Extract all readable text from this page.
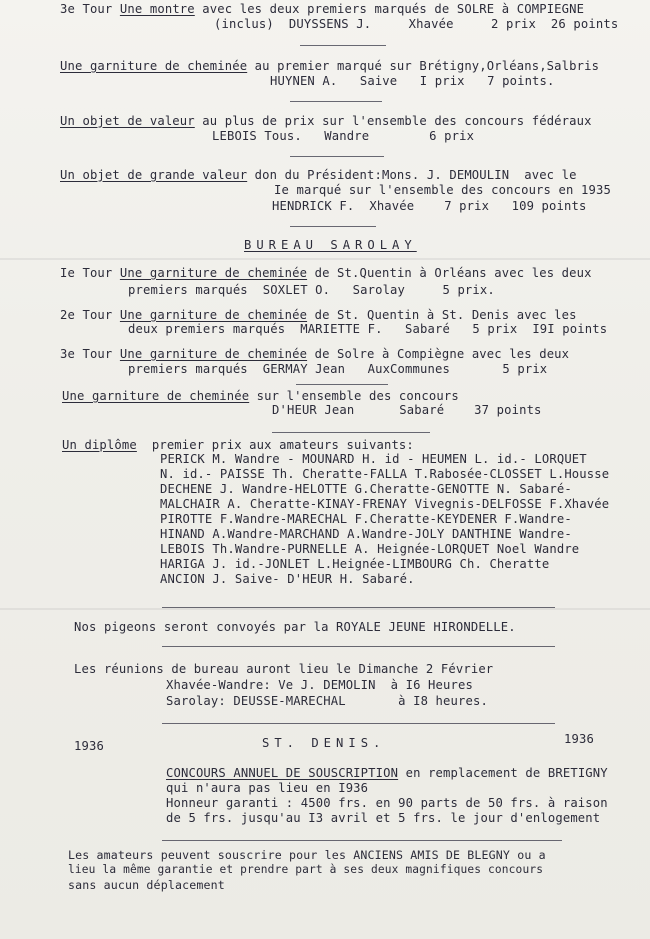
3e Tour Une montre avec les deux premiers marqués de SOLRE à COMPIEGNE
(inclus)  DUYSSENS J.     Xhavée     2 prix  26 points
Une garniture de cheminée au premier marqué sur Brétigny,Orléans,Salbris
HUYNEN A.   Saive   I prix   7 points.
Un objet de valeur au plus de prix sur l'ensemble des concours fédéraux
LEBOIS Tous.   Wandre        6 prix
Un objet de grande valeur don du Président:Mons. J. DEMOULIN  avec le
Ie marqué sur l'ensemble des concours en 1935
HENDRICK F.  Xhavée    7 prix   109 points
BUREAU SAROLAY
Ie Tour Une garniture de cheminée de St.Quentin à Orléans avec les deux
premiers marqués  SOXLET O.   Sarolay     5 prix.
2e Tour Une garniture de cheminée de St. Quentin à St. Denis avec les
deux premiers marqués  MARIETTE F.   Sabaré   5 prix  I9I points
3e Tour Une garniture de cheminée de Solre à Compiègne avec les deux
premiers marqués  GERMAY Jean   AuxCommunes       5 prix
Une garniture de cheminée sur l'ensemble des concours
D'HEUR Jean      Sabaré    37 points
Un diplôme  premier prix aux amateurs suivants:
PERICK M. Wandre - MOUNARD H. id - HEUMEN L. id.- LORQUET
N. id.- PAISSE Th. Cheratte-FALLA T.Rabosée-CLOSSET L.Housse
DECHENE J. Wandre-HELOTTE G.Cheratte-GENOTTE N. Sabaré-
MALCHAIR A. Cheratte-KINAY-FRENAY Vivegnis-DELFOSSE F.Xhavée
PIROTTE F.Wandre-MARECHAL F.Cheratte-KEYDENER F.Wandre-
HINAND A.Wandre-MARCHAND A.Wandre-JOLY DANTHINE Wandre-
LEBOIS Th.Wandre-PURNELLE A. Heignée-LORQUET Noel Wandre
HARIGA J. id.-JONLET L.Heignée-LIMBOURG Ch. Cheratte
ANCION J. Saive- D'HEUR H. Sabaré.
Nos pigeons seront convoyés par la ROYALE JEUNE HIRONDELLE.
Les réunions de bureau auront lieu le Dimanche 2 Février
Xhavée-Wandre: Ve J. DEMOLIN  à I6 Heures
Sarolay: DEUSSE-MARECHAL       à I8 heures.
1936	ST. DENIS.	1936
CONCOURS ANNUEL DE SOUSCRIPTION en remplacement de BRETIGNY
qui n'aura pas lieu en I936
Honneur garanti : 4500 frs. en 90 parts de 50 frs. à raison
de 5 frs. jusqu'au I3 avril et 5 frs. le jour d'enlogement
Les amateurs peuvent souscrire pour les ANCIENS AMIS DE BLEGNY ou a
lieu la même garantie et prendre part à ses deux magnifiques concours
sans aucun déplacement
